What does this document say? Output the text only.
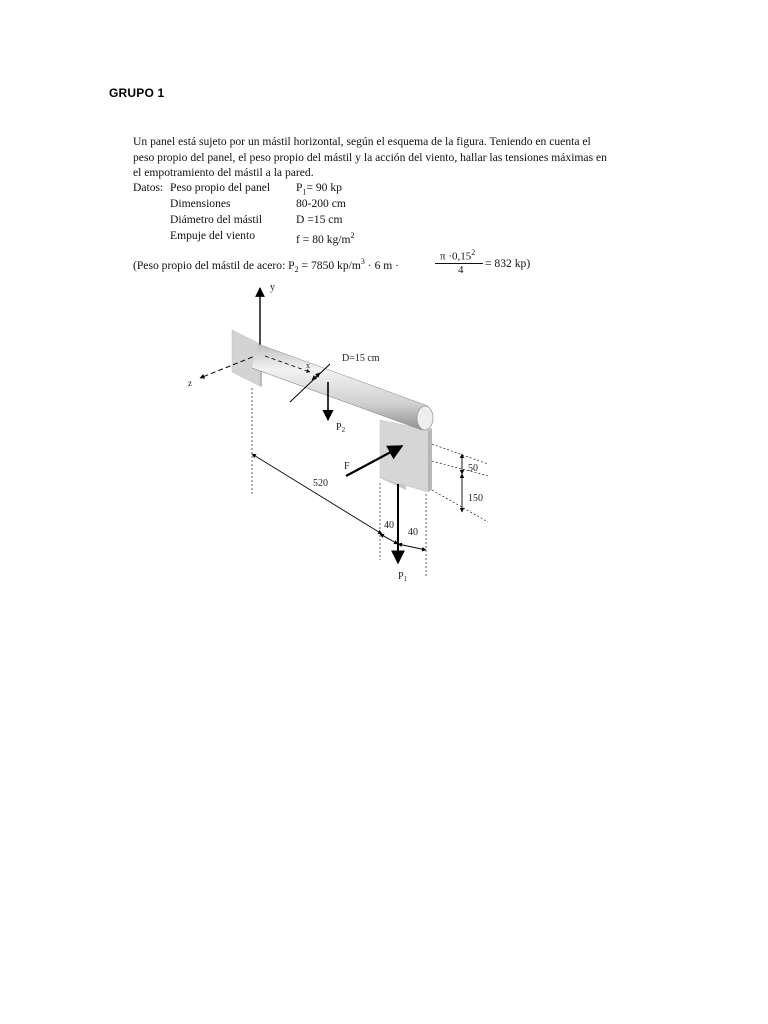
GRUPO 1
Un panel está sujeto por un mástil horizontal, según el esquema de la figura. Teniendo en cuenta el
peso propio del panel, el peso propio del mástil y la acción del viento, hallar las tensiones máximas en
el empotramiento del mástil a la pared.
Datos: Peso propio del panel $P_1= 90$ kp
Dimensiones	80-200 cm
Diámetro del mástil	D =15 cm
Empuje del viento	f = 80 $kg/m^2$
(Peso propio del mástil de acero: $P_2 = 7850$ $kp/m^3 \cdot 6$ m ·
$\pi \cdot 0,15^2$
4 = 832 kp)
y
z
x
D=15 cm
$P_2$
F
$P_1$
520
40
40
50
150
